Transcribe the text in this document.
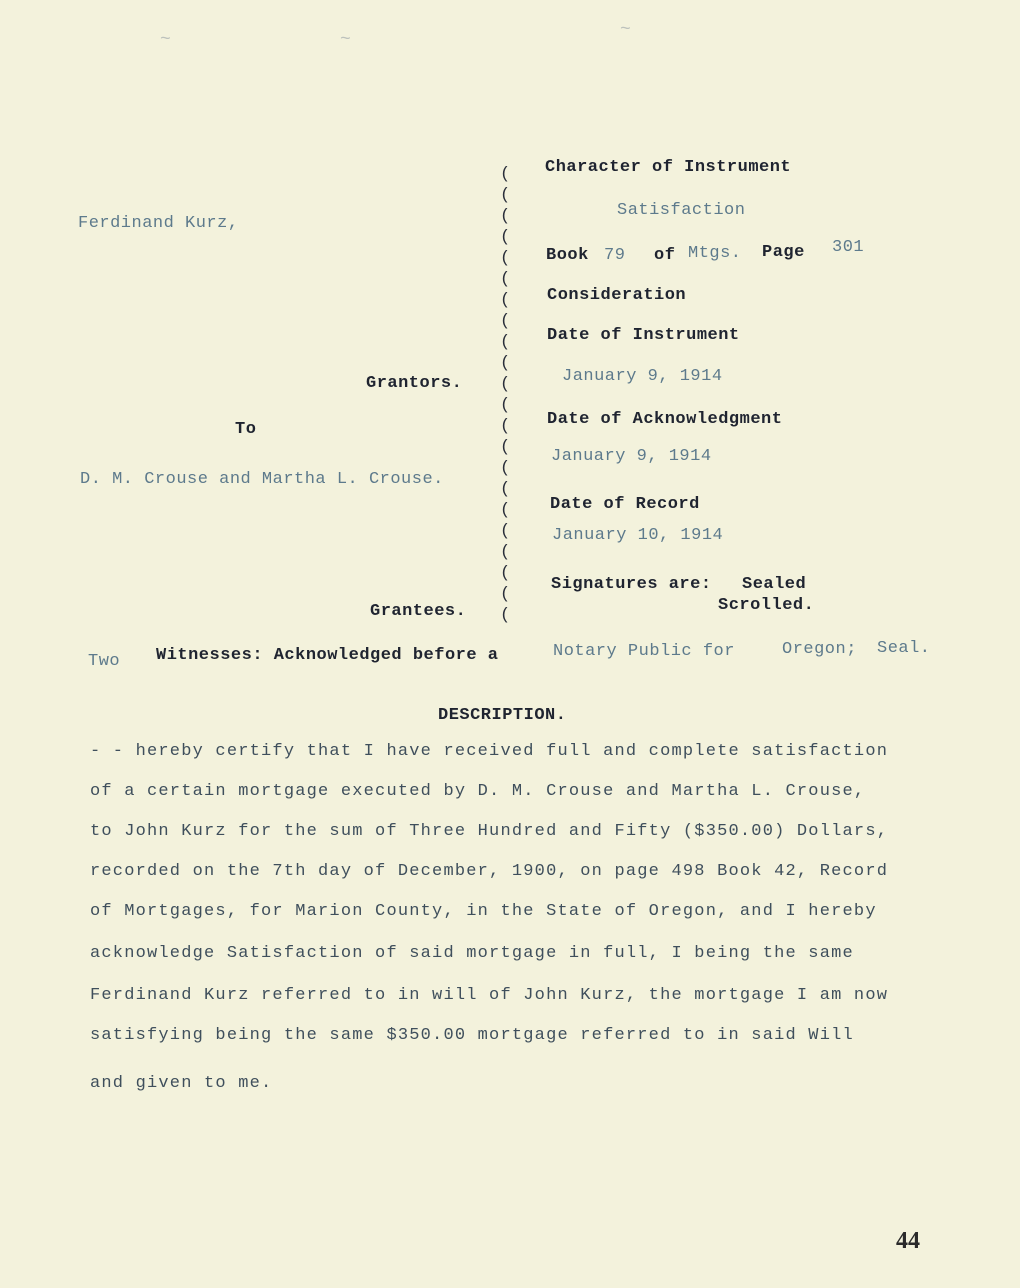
~	~	~
Ferdinand Kurz,
Grantors.
To
D. M. Crouse and Martha L. Crouse.
Grantees.
(
(
(
(
(
(
(
(
(
(
(
(
(
(
(
(
(
(
(
(
(
(
Character of Instrument
Satisfaction
Book 79 of Mtgs. Page 301
Consideration
Date of Instrument
January 9, 1914
Date of Acknowledgment
January 9, 1914
Date of Record
January 10, 1914
Signatures are: Sealed
Scrolled.
Two Witnesses: Acknowledged before a	Notary Public for	Oregon; Seal.
DESCRIPTION.
- - hereby certify that I have received full and complete satisfaction
of a certain mortgage executed by D. M. Crouse and Martha L. Crouse,
to John Kurz for the sum of Three Hundred and Fifty ($350.00) Dollars,
recorded on the 7th day of December, 1900, on page 498 Book 42, Record
of Mortgages, for Marion County, in the State of Oregon, and I hereby
acknowledge Satisfaction of said mortgage in full, I being the same
Ferdinand Kurz referred to in will of John Kurz, the mortgage I am now
satisfying being the same $350.00 mortgage referred to in said Will
and given to me.
44
